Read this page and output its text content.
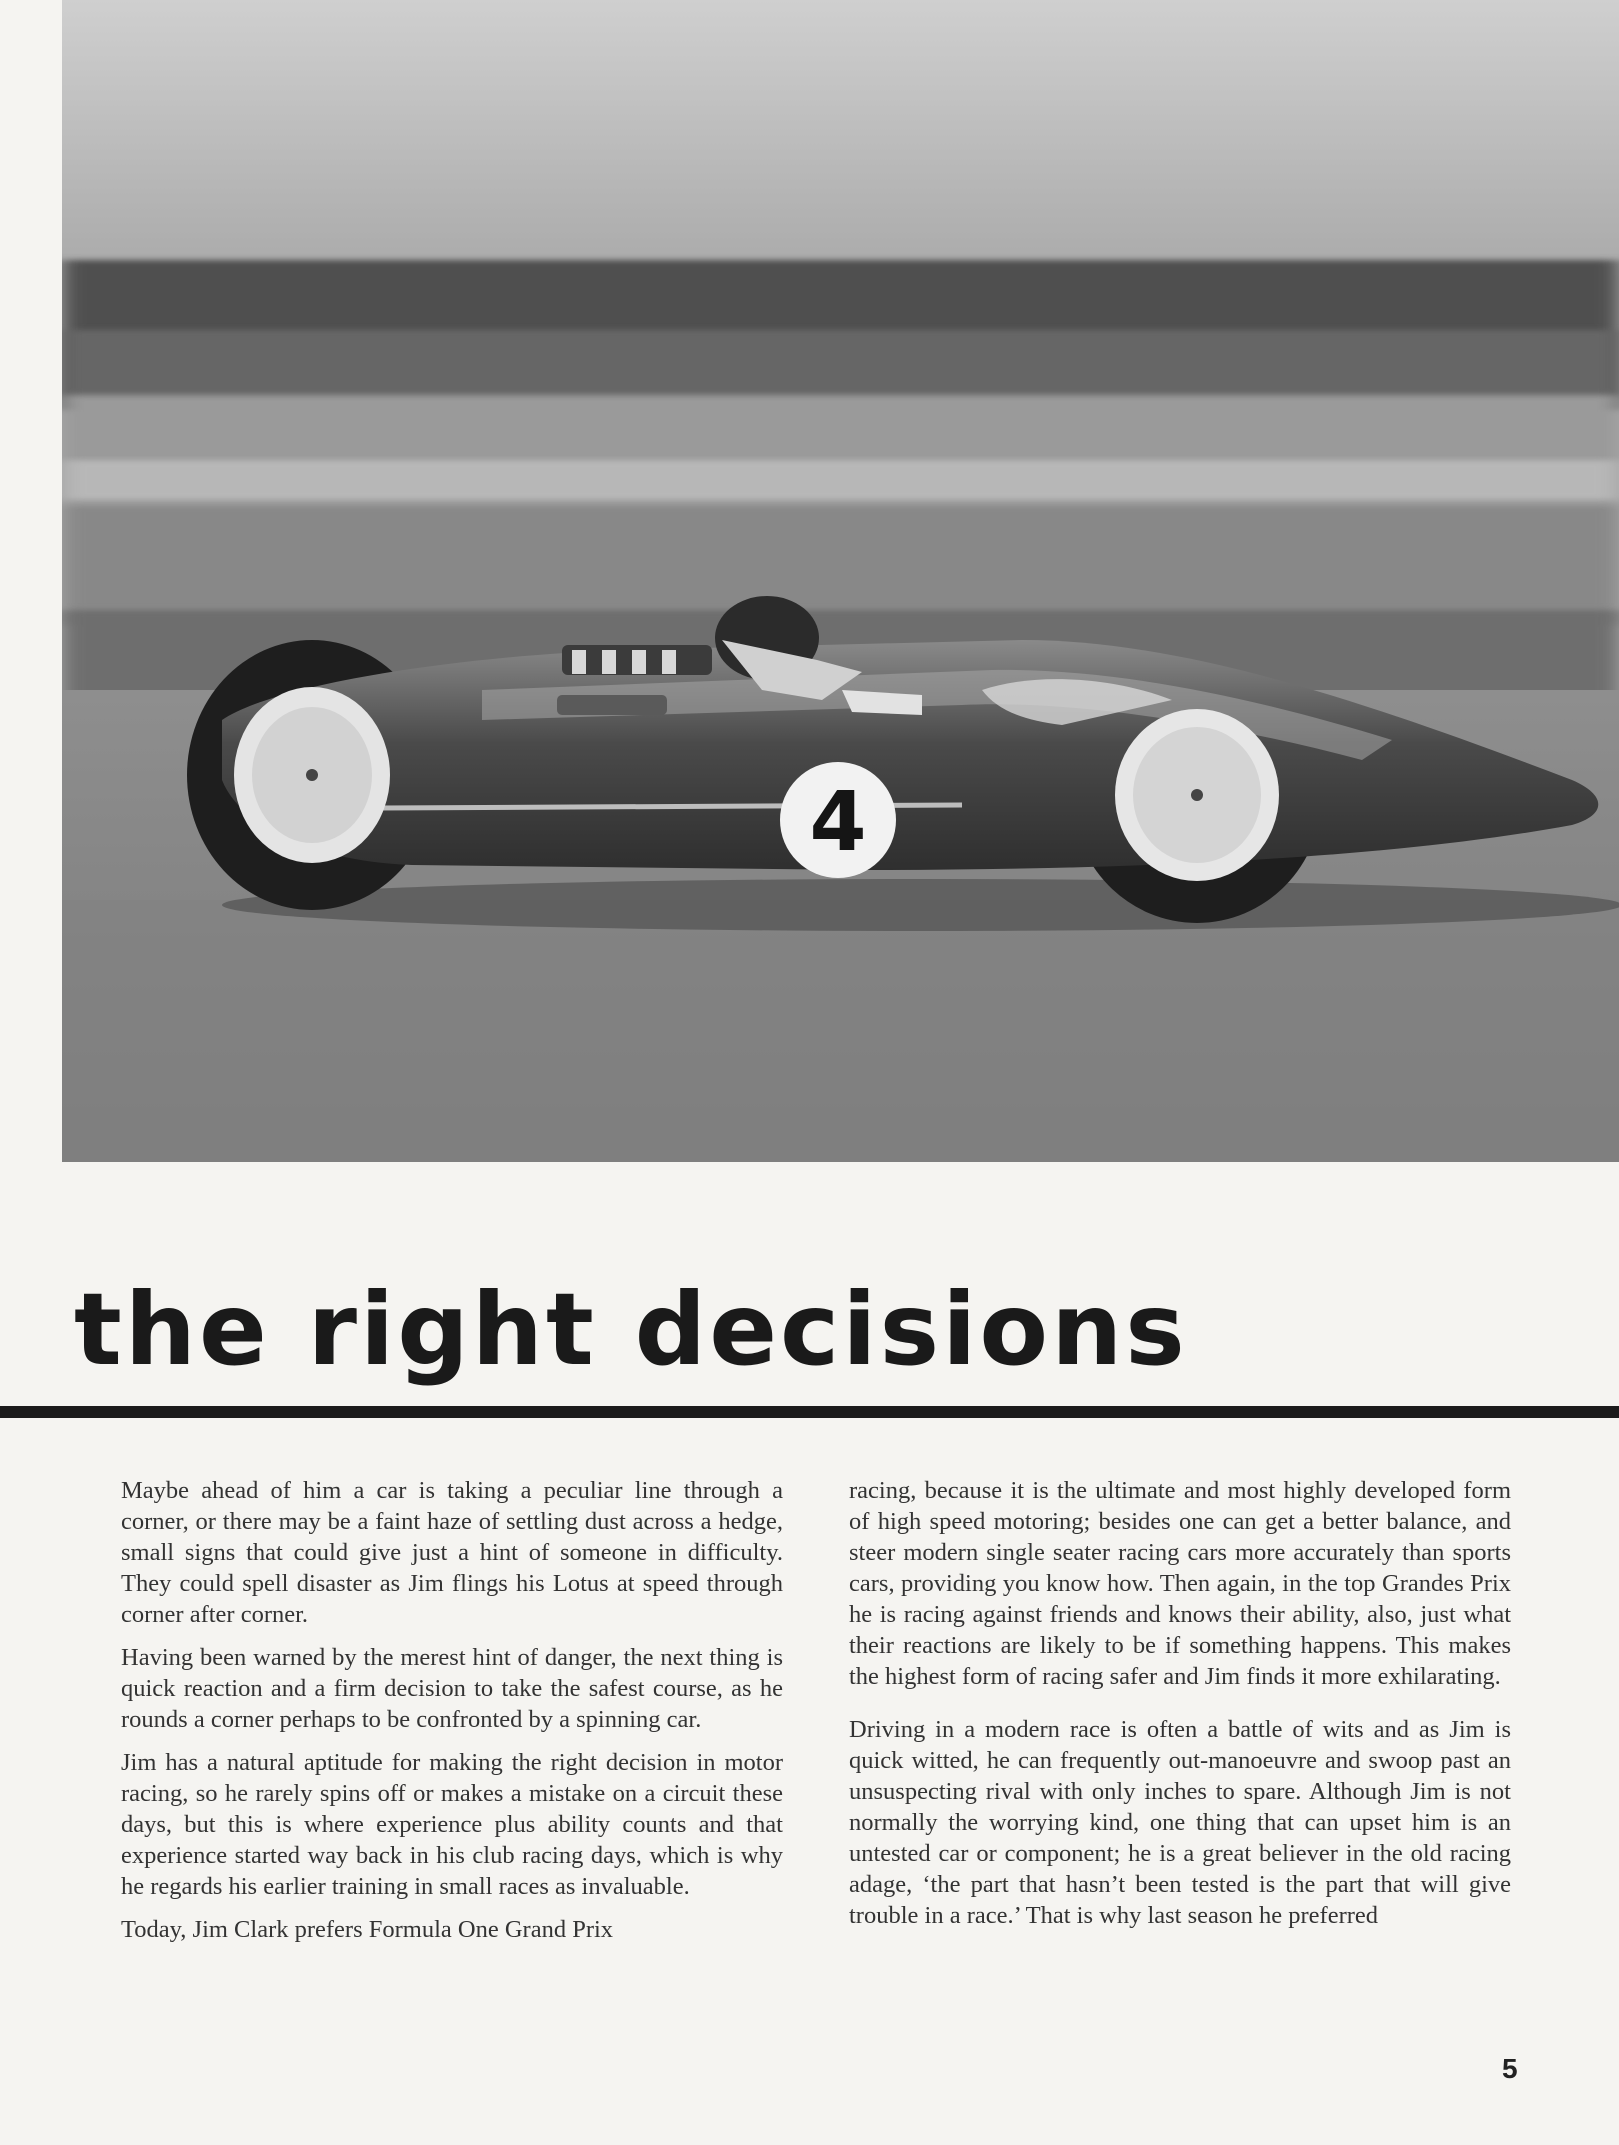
4
the right decisions

Maybe ahead of him a car is taking a peculiar line through a corner, or there may be a faint haze of settling dust across a hedge, small signs that could give just a hint of someone in difficulty. They could spell disaster as Jim flings his Lotus at speed through corner after corner.

Having been warned by the merest hint of danger, the next thing is quick reaction and a firm decision to take the safest course, as he rounds a corner perhaps to be confronted by a spinning car.

Jim has a natural aptitude for making the right decision in motor racing, so he rarely spins off or makes a mistake on a circuit these days, but this is where experience plus ability counts and that experience started way back in his club racing days, which is why he regards his earlier training in small races as invaluable.

Today, Jim Clark prefers Formula One Grand Prix

racing, because it is the ultimate and most highly developed form of high speed motoring; besides one can get a better balance, and steer modern single seater racing cars more accurately than sports cars, providing you know how. Then again, in the top Grandes Prix he is racing against friends and knows their ability, also, just what their reactions are likely to be if something happens. This makes the highest form of racing safer and Jim finds it more exhilarating.

Driving in a modern race is often a battle of wits and as Jim is quick witted, he can frequently out-manoeuvre and swoop past an unsuspecting rival with only inches to spare. Although Jim is not normally the worrying kind, one thing that can upset him is an untested car or component; he is a great believer in the old racing adage, ‘the part that hasn’t been tested is the part that will give trouble in a race.’ That is why last season he preferred

5
